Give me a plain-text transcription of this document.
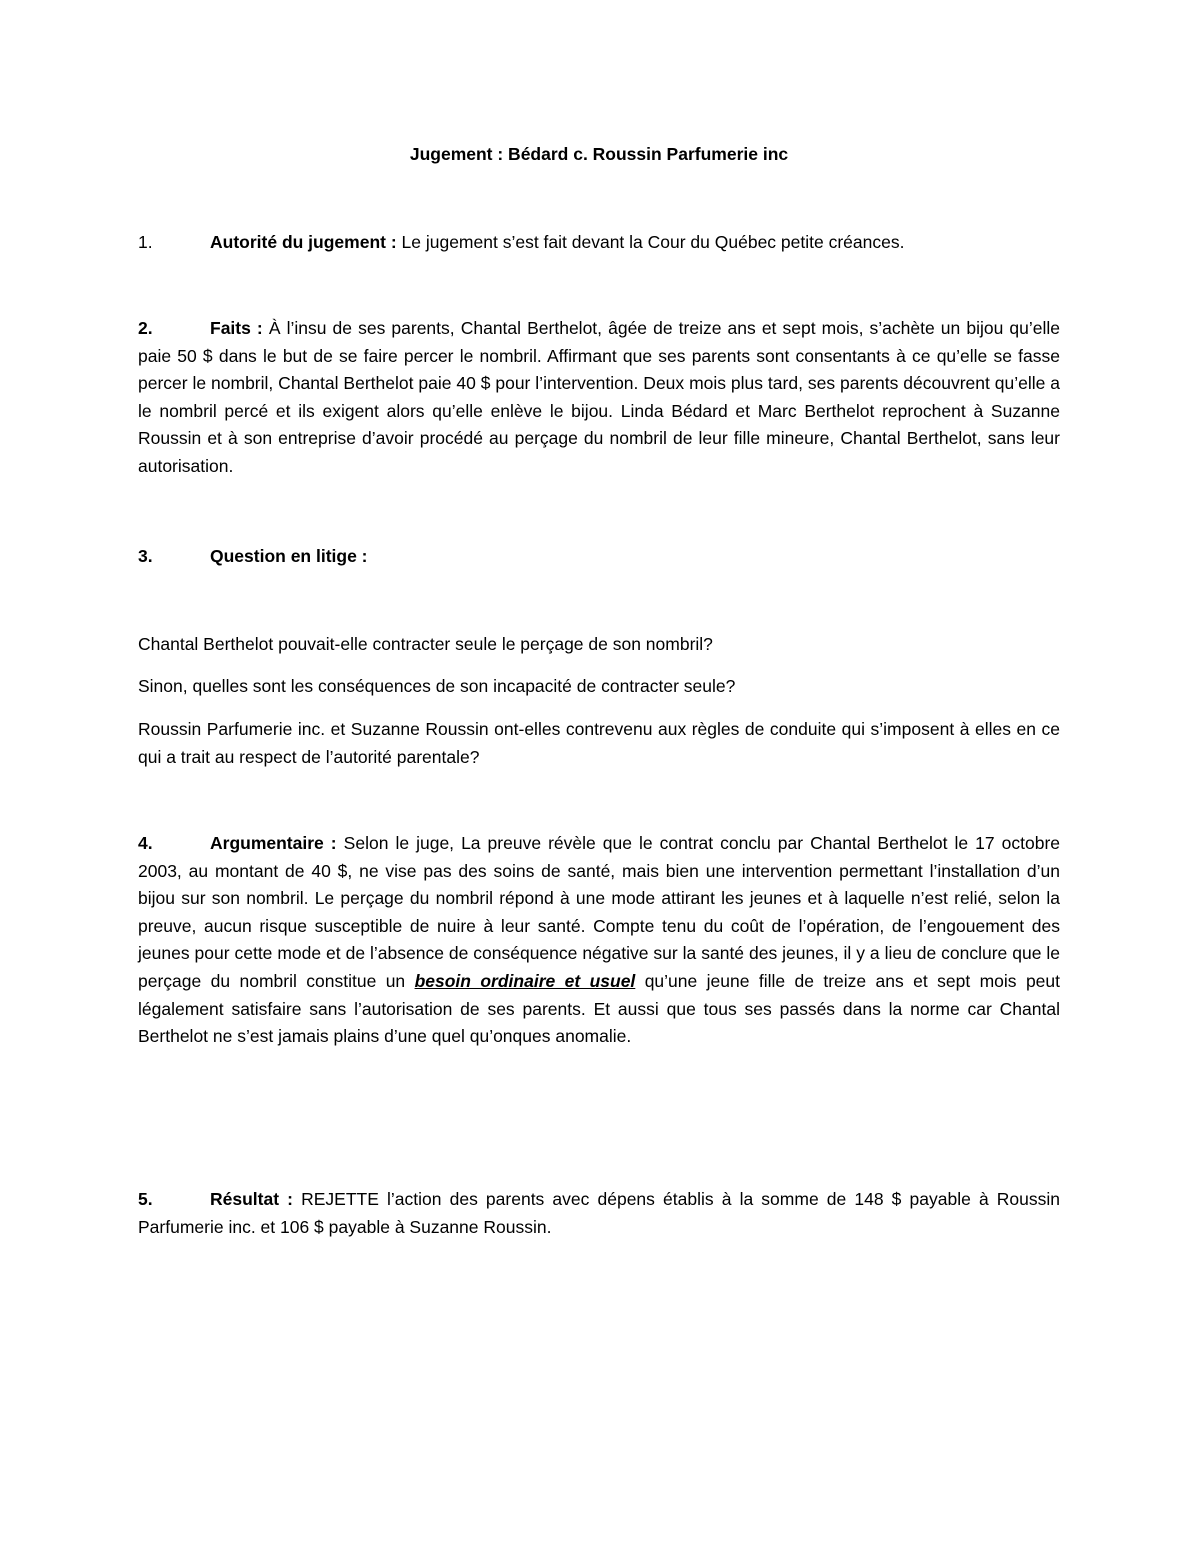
Jugement : Bédard c. Roussin Parfumerie inc
1.	Autorité du jugement : Le jugement s’est fait devant la Cour du Québec petite créances.
2.	Faits : À l’insu de ses parents, Chantal Berthelot, âgée de treize ans et sept mois, s’achète un bijou qu’elle paie 50 $ dans le but de se faire percer le nombril. Affirmant que ses parents sont consentants à ce qu’elle se fasse percer le nombril, Chantal Berthelot paie 40 $ pour l’intervention. Deux mois plus tard, ses parents découvrent qu’elle a le nombril percé et ils exigent alors qu’elle enlève le bijou. Linda Bédard et Marc Berthelot reprochent à Suzanne Roussin et à son entreprise d’avoir procédé au perçage du nombril de leur fille mineure, Chantal Berthelot, sans leur autorisation.
3.	Question en litige :
Chantal Berthelot pouvait-elle contracter seule le perçage de son nombril?
Sinon, quelles sont les conséquences de son incapacité de contracter seule?
Roussin Parfumerie inc. et Suzanne Roussin ont-elles contrevenu aux règles de conduite qui s’imposent à elles en ce qui a trait au respect de l’autorité parentale?
4.	Argumentaire : Selon le juge, La preuve révèle que le contrat conclu par Chantal Berthelot le 17 octobre 2003, au montant de 40 $, ne vise pas des soins de santé, mais bien une intervention permettant l’installation d’un bijou sur son nombril. Le perçage du nombril répond à une mode attirant les jeunes et à laquelle n’est relié, selon la preuve, aucun risque susceptible de nuire à leur santé. Compte tenu du coût de l’opération, de l’engouement des jeunes pour cette mode et de l’absence de conséquence négative sur la santé des jeunes, il y a lieu de conclure que le perçage du nombril constitue un besoin ordinaire et usuel qu’une jeune fille de treize ans et sept mois peut légalement satisfaire sans l’autorisation de ses parents. Et aussi que tous ses passés dans la norme car Chantal Berthelot ne s’est jamais plains d’une quel qu’onques anomalie.
5.	Résultat : REJETTE l’action des parents avec dépens établis à la somme de 148 $ payable à Roussin Parfumerie inc. et 106 $ payable à Suzanne Roussin.
